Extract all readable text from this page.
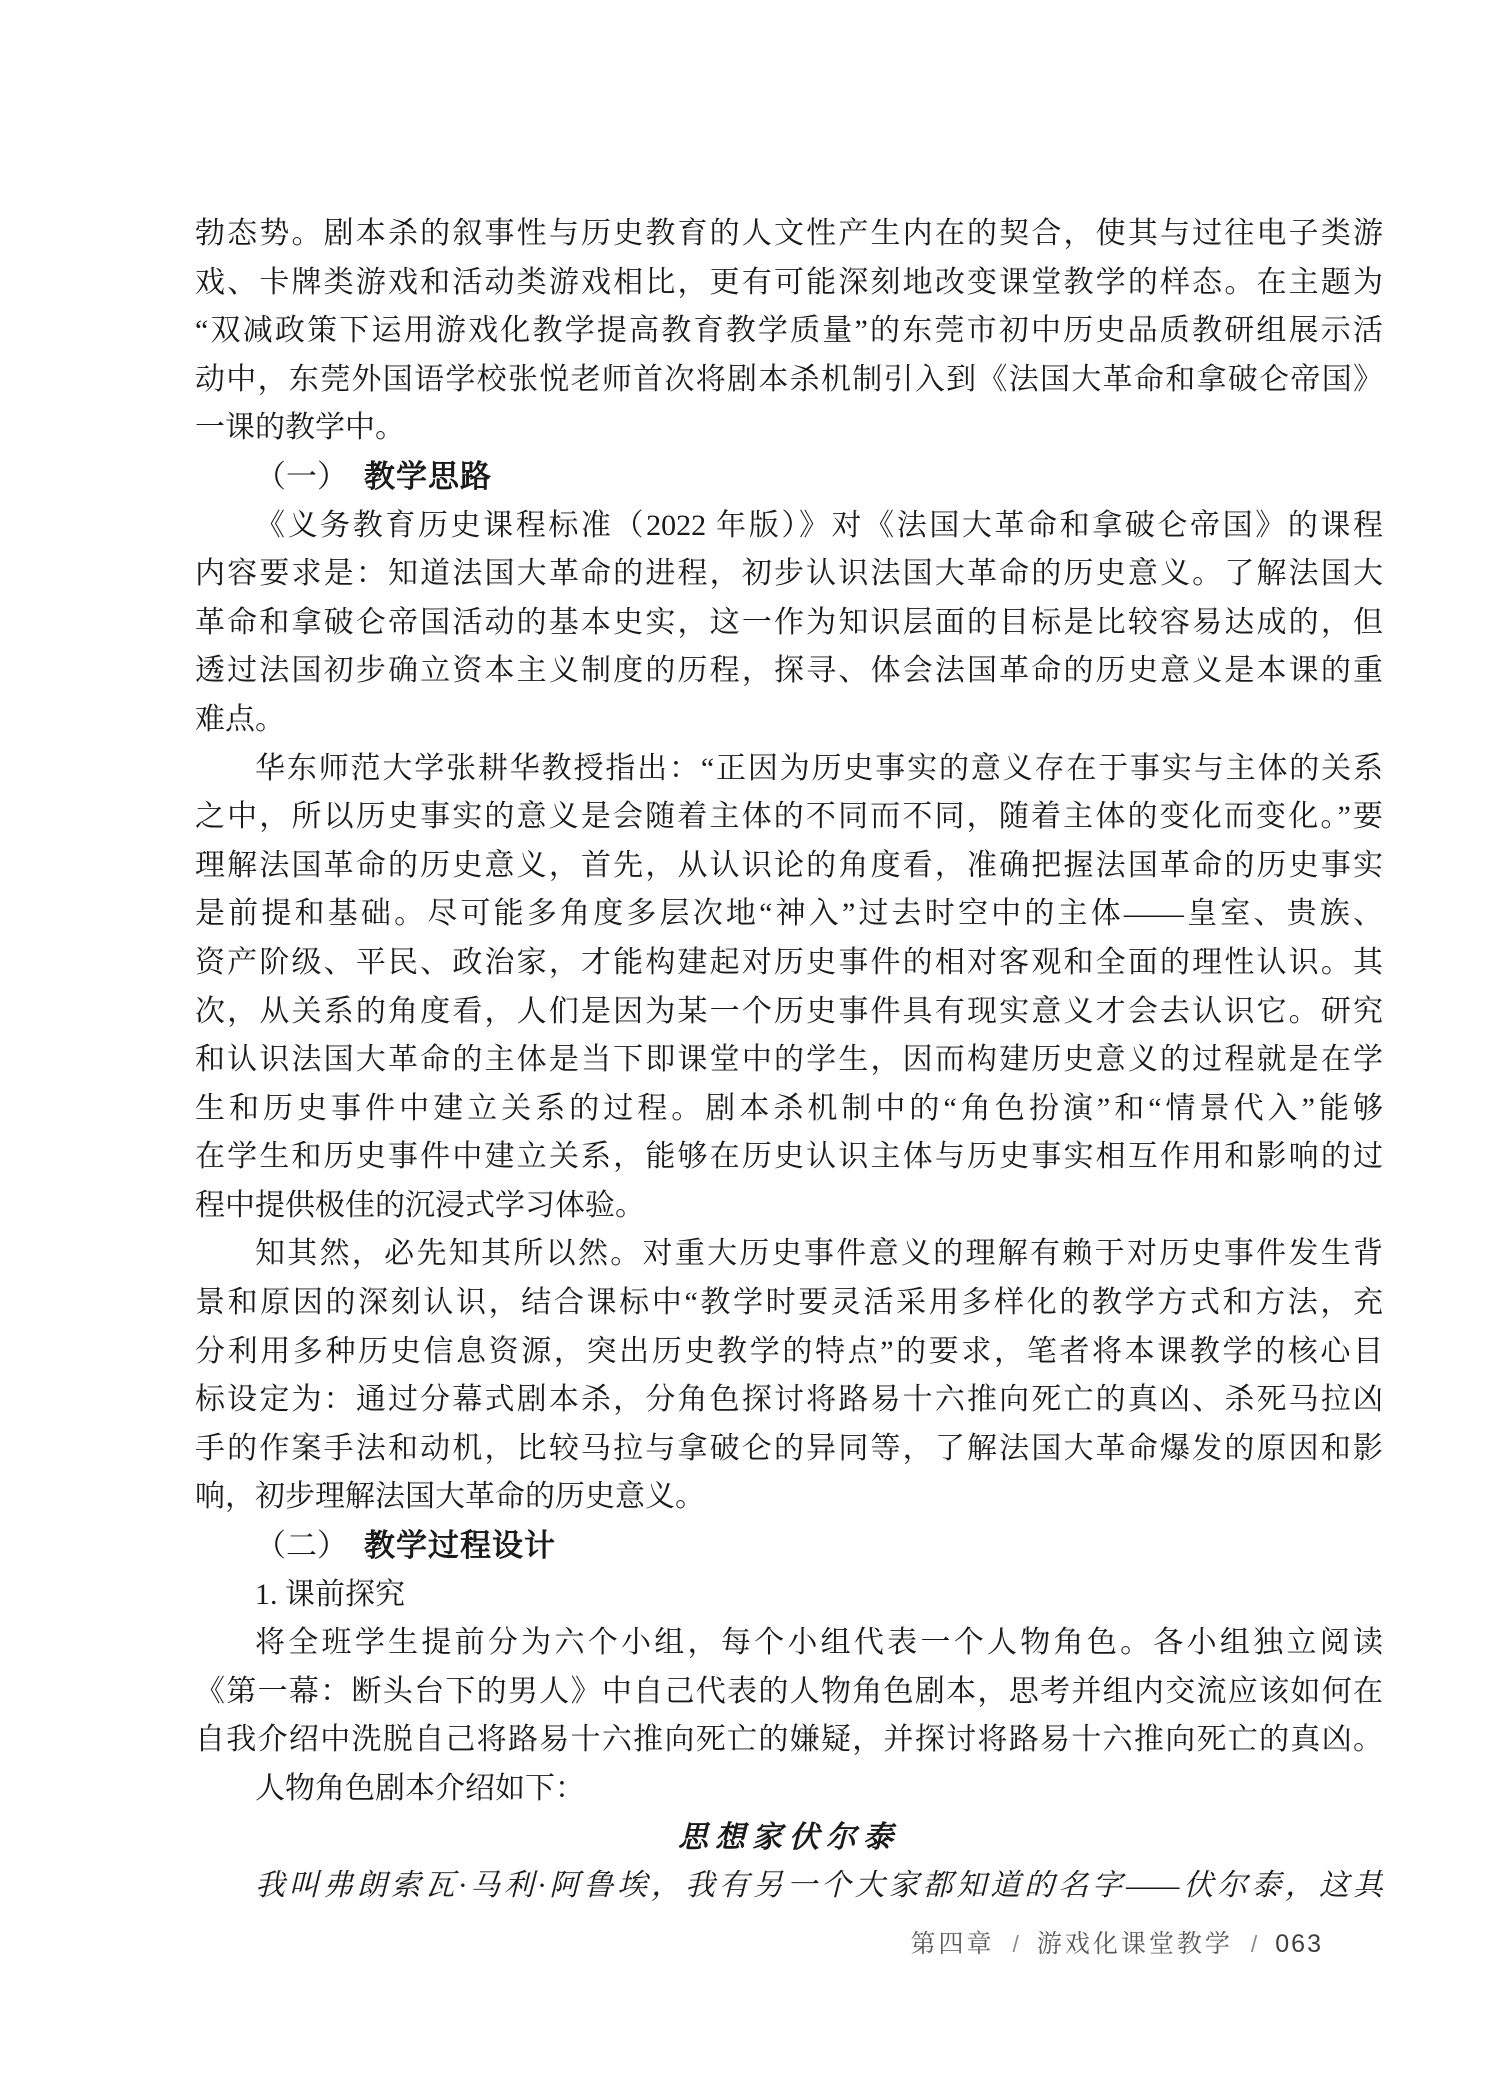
勃态势。剧本杀的叙事性与历史教育的人文性产生内在的契合，使其与过往电子类游
戏、卡牌类游戏和活动类游戏相比，更有可能深刻地改变课堂教学的样态。在主题为
“双减政策下运用游戏化教学提高教育教学质量”的东莞市初中历史品质教研组展示活
动中，东莞外国语学校张悦老师首次将剧本杀机制引入到《法国大革命和拿破仑帝国》
一课的教学中。
（一） 教学思路
《义务教育历史课程标准（2022 年版）》对《法国大革命和拿破仑帝国》的课程
内容要求是：知道法国大革命的进程，初步认识法国大革命的历史意义。了解法国大
革命和拿破仑帝国活动的基本史实，这一作为知识层面的目标是比较容易达成的，但
透过法国初步确立资本主义制度的历程，探寻、体会法国革命的历史意义是本课的重
难点。
华东师范大学张耕华教授指出：“正因为历史事实的意义存在于事实与主体的关系
之中，所以历史事实的意义是会随着主体的不同而不同，随着主体的变化而变化。”要
理解法国革命的历史意义，首先，从认识论的角度看，准确把握法国革命的历史事实
是前提和基础。尽可能多角度多层次地“神入”过去时空中的主体——皇室、贵族、
资产阶级、平民、政治家，才能构建起对历史事件的相对客观和全面的理性认识。其
次，从关系的角度看，人们是因为某一个历史事件具有现实意义才会去认识它。研究
和认识法国大革命的主体是当下即课堂中的学生，因而构建历史意义的过程就是在学
生和历史事件中建立关系的过程。剧本杀机制中的“角色扮演”和“情景代入”能够
在学生和历史事件中建立关系，能够在历史认识主体与历史事实相互作用和影响的过
程中提供极佳的沉浸式学习体验。
知其然，必先知其所以然。对重大历史事件意义的理解有赖于对历史事件发生背
景和原因的深刻认识，结合课标中“教学时要灵活采用多样化的教学方式和方法，充
分利用多种历史信息资源，突出历史教学的特点”的要求，笔者将本课教学的核心目
标设定为：通过分幕式剧本杀，分角色探讨将路易十六推向死亡的真凶、杀死马拉凶
手的作案手法和动机，比较马拉与拿破仑的异同等，了解法国大革命爆发的原因和影
响，初步理解法国大革命的历史意义。
（二） 教学过程设计
1. 课前探究
将全班学生提前分为六个小组，每个小组代表一个人物角色。各小组独立阅读
《第一幕：断头台下的男人》中自己代表的人物角色剧本，思考并组内交流应该如何在
自我介绍中洗脱自己将路易十六推向死亡的嫌疑，并探讨将路易十六推向死亡的真凶。
人物角色剧本介绍如下：
思想家伏尔泰
我叫弗朗索瓦·马利·阿鲁埃，我有另一个大家都知道的名字——伏尔泰，这其
第四章 / 游戏化课堂教学 / 063
